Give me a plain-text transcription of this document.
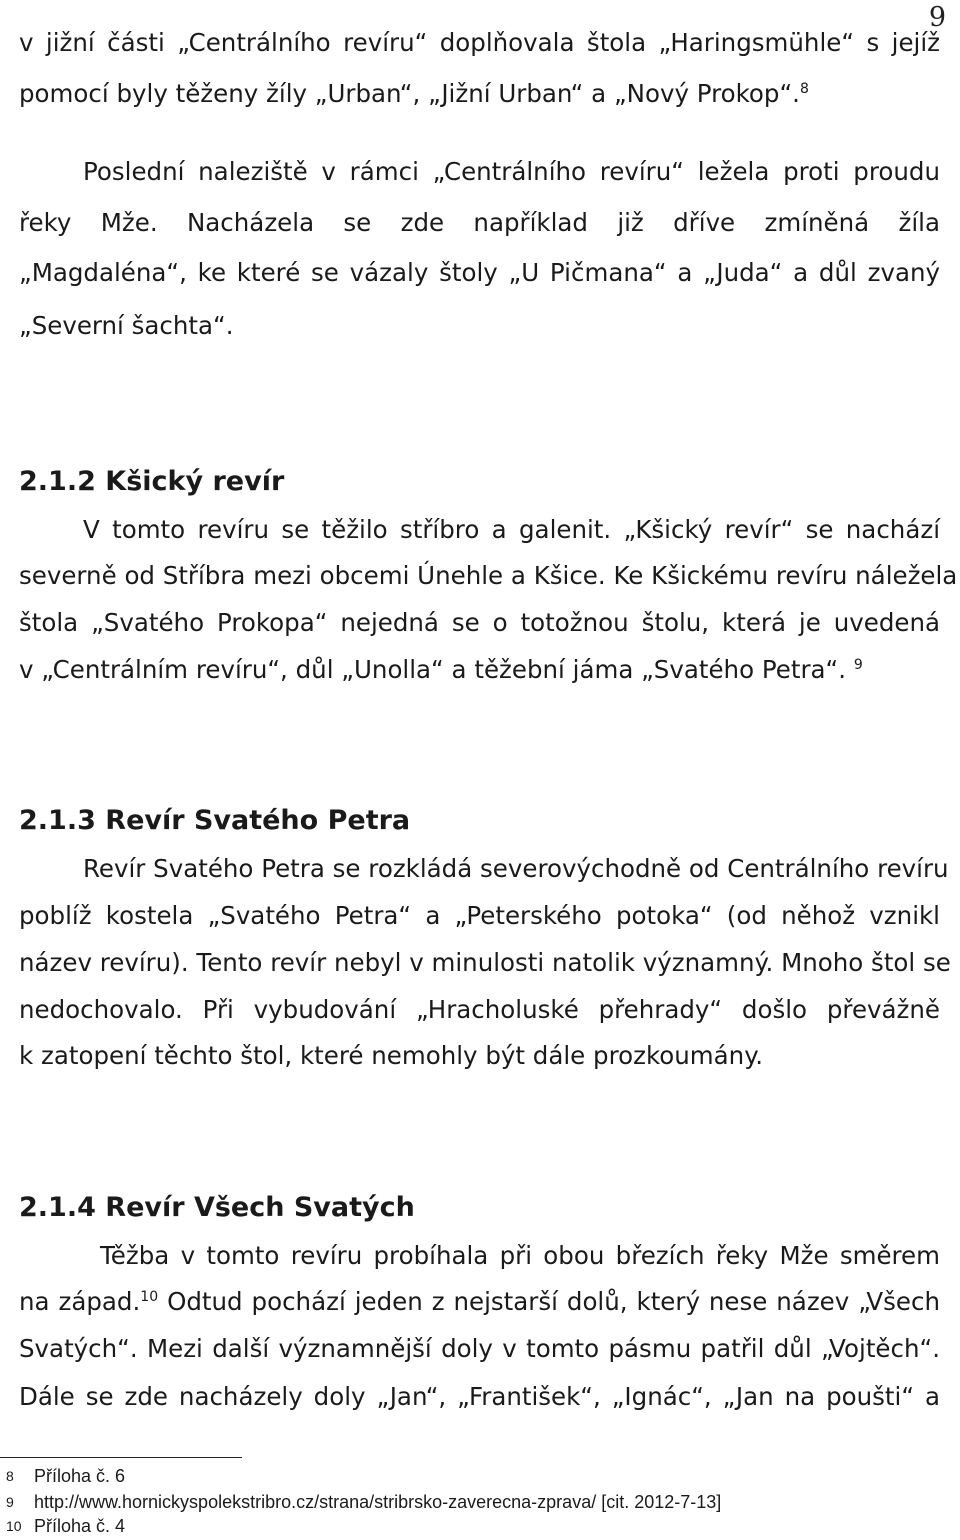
9
v jižní části „Centrálního revíru“ doplňovala štola „Haringsmühle“ s jejíž
pomocí byly těženy žíly „Urban“, „Jižní Urban“ a „Nový Prokop“.$^8$
Poslední naleziště v rámci „Centrálního revíru“ ležela proti proudu
řeky Mže. Nacházela se zde například již dříve zmíněná žíla
„Magdaléna“, ke které se vázaly štoly „U Pičmana“ a „Juda“ a důl zvaný
„Severní šachta“.
2.1.2 Kšický revír
V tomto revíru se těžilo stříbro a galenit. „Kšický revír“ se nachází
severně od Stříbra mezi obcemi Únehle a Kšice. Ke Kšickému revíru náležela
štola „Svatého Prokopa“ nejedná se o totožnou štolu, která je uvedená
v „Centrálním revíru“, důl „Unolla“ a těžební jáma „Svatého Petra“. $^9$
2.1.3 Revír Svatého Petra
Revír Svatého Petra se rozkládá severovýchodně od Centrálního revíru
poblíž kostela „Svatého Petra“ a „Peterského potoka“ (od něhož vznikl
název revíru). Tento revír nebyl v minulosti natolik významný. Mnoho štol se
nedochovalo. Při vybudování „Hracholuské přehrady“ došlo převážně
k zatopení těchto štol, které nemohly být dále prozkoumány.
2.1.4 Revír Všech Svatých
Těžba v tomto revíru probíhala při obou březích řeky Mže směrem
na západ.$^{10}$ Odtud pochází jeden z nejstarší dolů, který nese název „Všech
Svatých“. Mezi další významnější doly v tomto pásmu patřil důl „Vojtěch“.
Dále se zde nacházely doly „Jan“, „František“, „Ignác“, „Jan na poušti“ a
8 Příloha č. 6
9 http://www.hornickyspolekstribro.cz/strana/stribrsko-zaverecna-zprava/ [cit. 2012-7-13]
10 Příloha č. 4
